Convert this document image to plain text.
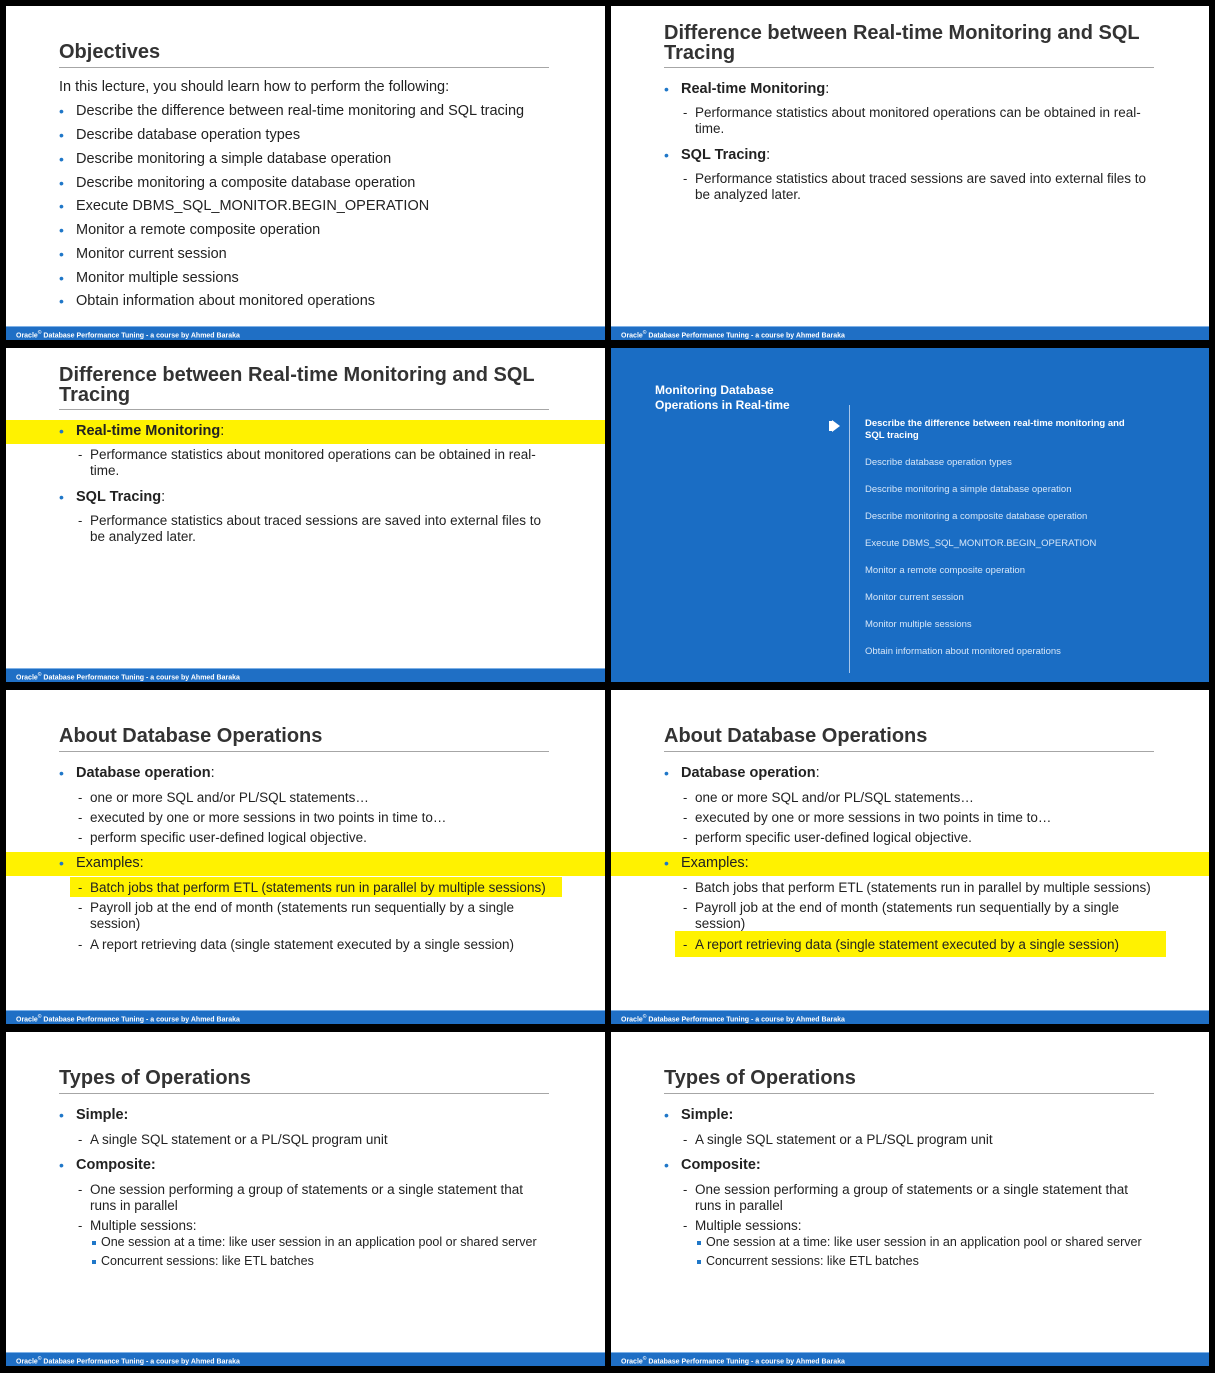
Objectives
In this lecture, you should learn how to perform the following:
• Describe the difference between real-time monitoring and SQL tracing
• Describe database operation types
• Describe monitoring a simple database operation
• Describe monitoring a composite database operation
• Execute DBMS_SQL_MONITOR.BEGIN_OPERATION
• Monitor a remote composite operation
• Monitor current session
• Monitor multiple sessions
• Obtain information about monitored operations
Oracle© Database Performance Tuning - a course by Ahmed Baraka
Difference between Real-time Monitoring and SQL
Tracing
• Real-time Monitoring:
- Performance statistics about monitored operations can be obtained in real-
time.
• SQL Tracing:
- Performance statistics about traced sessions are saved into external files to
be analyzed later.
Oracle© Database Performance Tuning - a course by Ahmed Baraka
Difference between Real-time Monitoring and SQL
Tracing
• Real-time Monitoring:
- Performance statistics about monitored operations can be obtained in real-
time.
• SQL Tracing:
- Performance statistics about traced sessions are saved into external files to
be analyzed later.
Oracle© Database Performance Tuning - a course by Ahmed Baraka
Monitoring Database
Operations in Real-time
Describe the difference between real-time monitoring and
SQL tracing
Describe database operation types
Describe monitoring a simple database operation
Describe monitoring a composite database operation
Execute DBMS_SQL_MONITOR.BEGIN_OPERATION
Monitor a remote composite operation
Monitor current session
Monitor multiple sessions
Obtain information about monitored operations
About Database Operations
• Database operation:
- one or more SQL and/or PL/SQL statements…
- executed by one or more sessions in two points in time to…
- perform specific user-defined logical objective.
• Examples:
- Batch jobs that perform ETL (statements run in parallel by multiple sessions)
- Payroll job at the end of month (statements run sequentially by a single
session)
- A report retrieving data (single statement executed by a single session)
Oracle© Database Performance Tuning - a course by Ahmed Baraka
About Database Operations
• Database operation:
- one or more SQL and/or PL/SQL statements…
- executed by one or more sessions in two points in time to…
- perform specific user-defined logical objective.
• Examples:
- Batch jobs that perform ETL (statements run in parallel by multiple sessions)
- Payroll job at the end of month (statements run sequentially by a single
session)
- A report retrieving data (single statement executed by a single session)
Oracle© Database Performance Tuning - a course by Ahmed Baraka
Types of Operations
• Simple:
- A single SQL statement or a PL/SQL program unit
• Composite:
- One session performing a group of statements or a single statement that
runs in parallel
- Multiple sessions:
One session at a time: like user session in an application pool or shared server
Concurrent sessions: like ETL batches
Oracle© Database Performance Tuning - a course by Ahmed Baraka
Types of Operations
• Simple:
- A single SQL statement or a PL/SQL program unit
• Composite:
- One session performing a group of statements or a single statement that
runs in parallel
- Multiple sessions:
One session at a time: like user session in an application pool or shared server
Concurrent sessions: like ETL batches
Oracle© Database Performance Tuning - a course by Ahmed Baraka
